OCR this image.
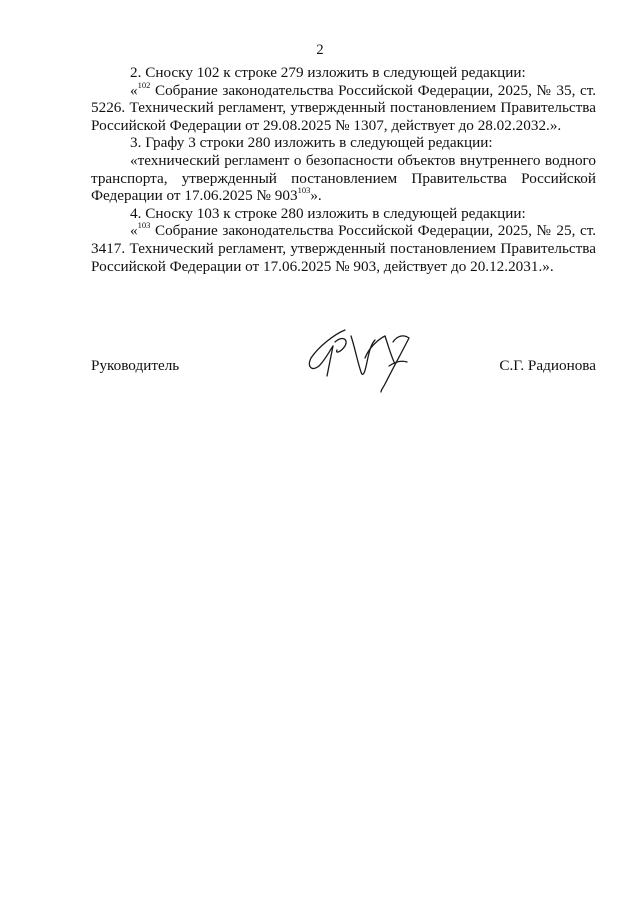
2

2. Сноску 102 к строке 279 изложить в следующей редакции:

«$^{102}$ Собрание законодательства Российской Федерации, 2025, № 35, ст. 5226. Технический регламент, утвержденный постановлением Правительства Российской Федерации от 29.08.2025 № 1307, действует до 28.02.2032.».

3. Графу 3 строки 280 изложить в следующей редакции:

«технический регламент о безопасности объектов внутреннего водного транспорта, утвержденный постановлением Правительства Российской Федерации от 17.06.2025 № $903^{103}$».

4. Сноску 103 к строке 280 изложить в следующей редакции:

«$^{103}$ Собрание законодательства Российской Федерации, 2025, № 25, ст. 3417. Технический регламент, утвержденный постановлением Правительства Российской Федерации от 17.06.2025 № 903, действует до 20.12.2031.».

Руководитель	С.Г. Радионова
